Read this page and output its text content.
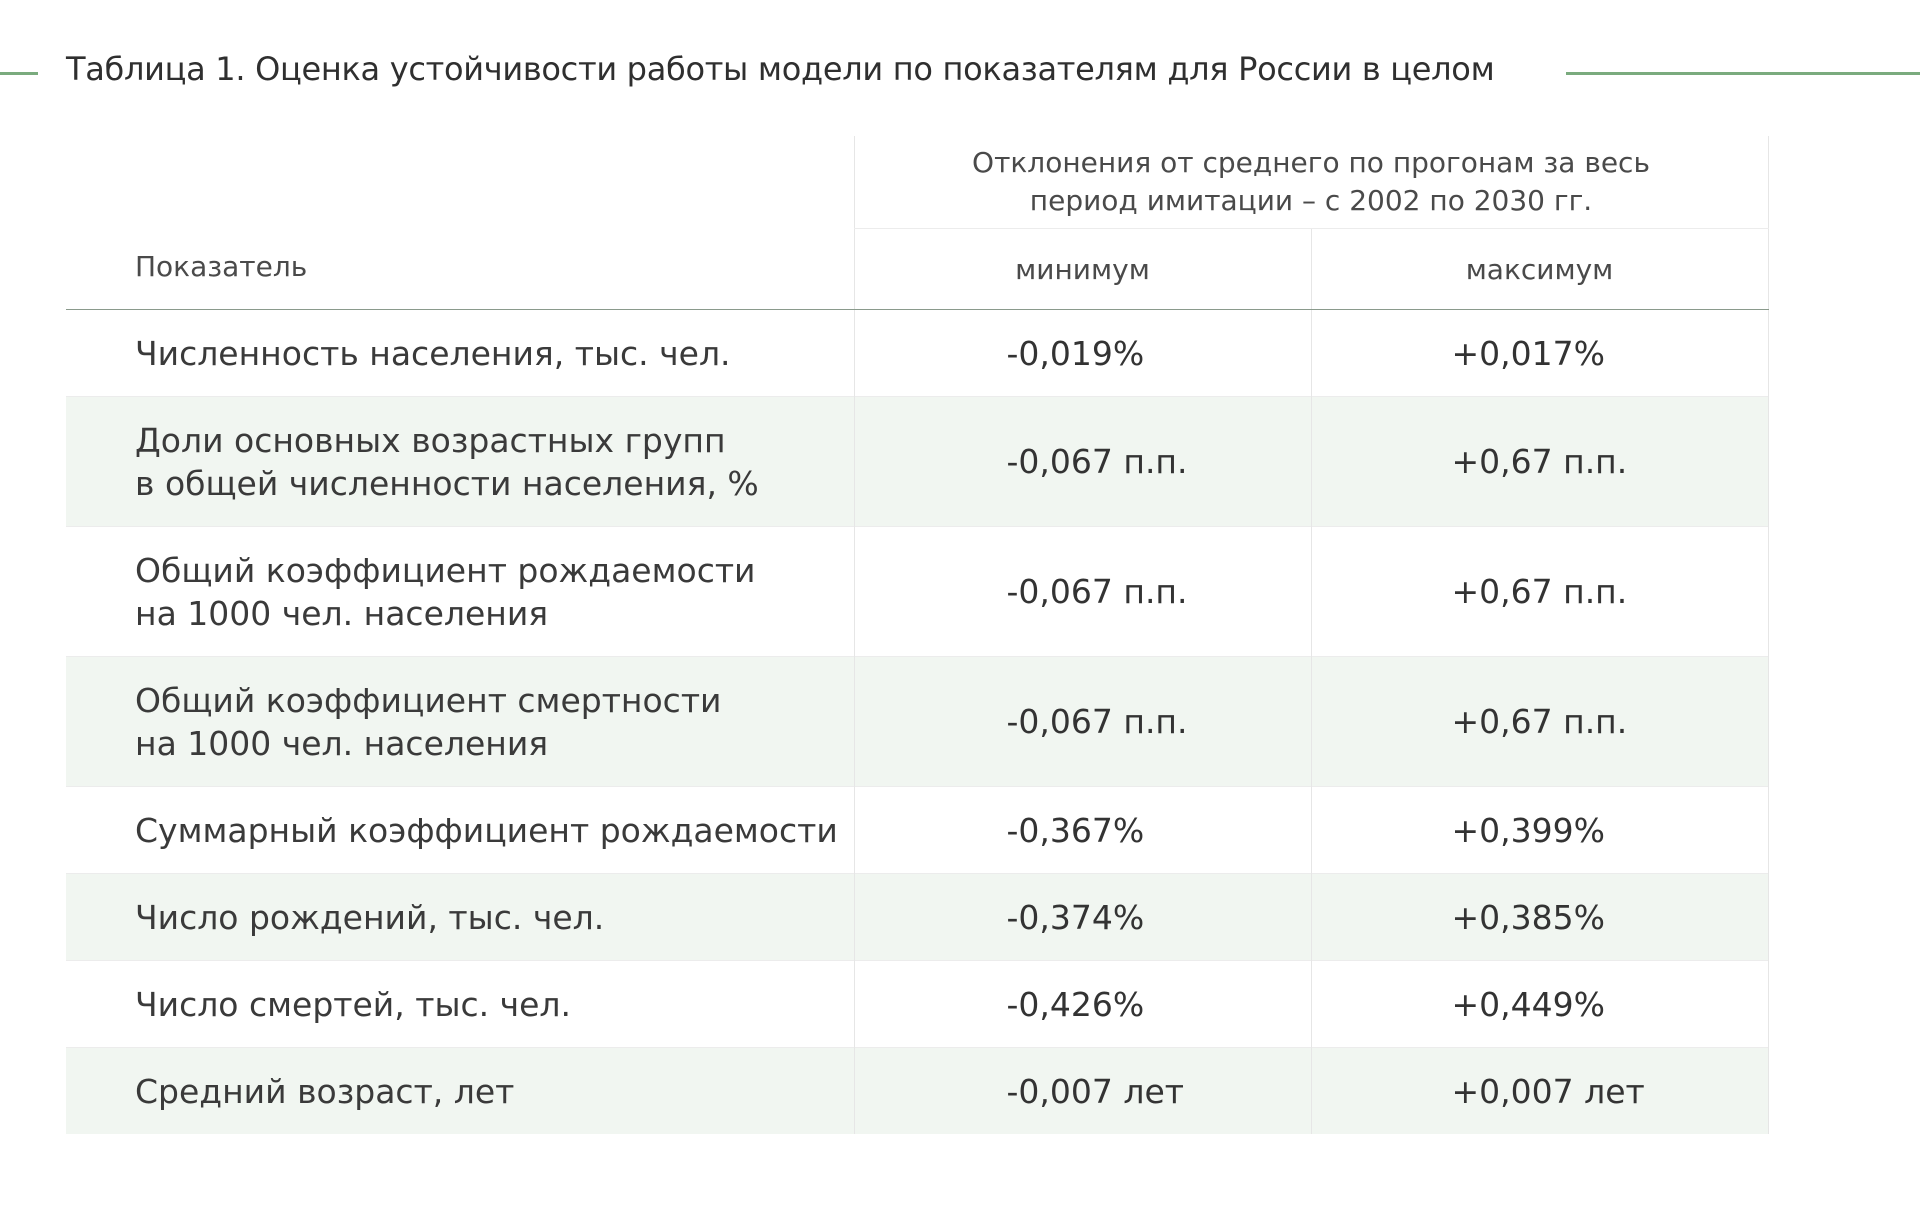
Таблица 1. Оценка устойчивости работы модели по показателям для России в целом
Показатель	Отклонения от среднего по прогонам за весь
период имитации – с 2002 по 2030 гг.	
	минимум	максимум
Численность населения, тыс. чел.	-0,019%	+0,017%
Доли основных возрастных групп
в общей численности населения, %	-0,067 п.п.	+0,67 п.п.
Общий коэффициент рождаемости
на 1000 чел. населения	-0,067 п.п.	+0,67 п.п.
Общий коэффициент смертности
на 1000 чел. населения	-0,067 п.п.	+0,67 п.п.
Суммарный коэффициент рождаемости	-0,367%	+0,399%
Число рождений, тыс. чел.	-0,374%	+0,385%
Число смертей, тыс. чел.	-0,426%	+0,449%
Средний возраст, лет	-0,007 лет	+0,007 лет
